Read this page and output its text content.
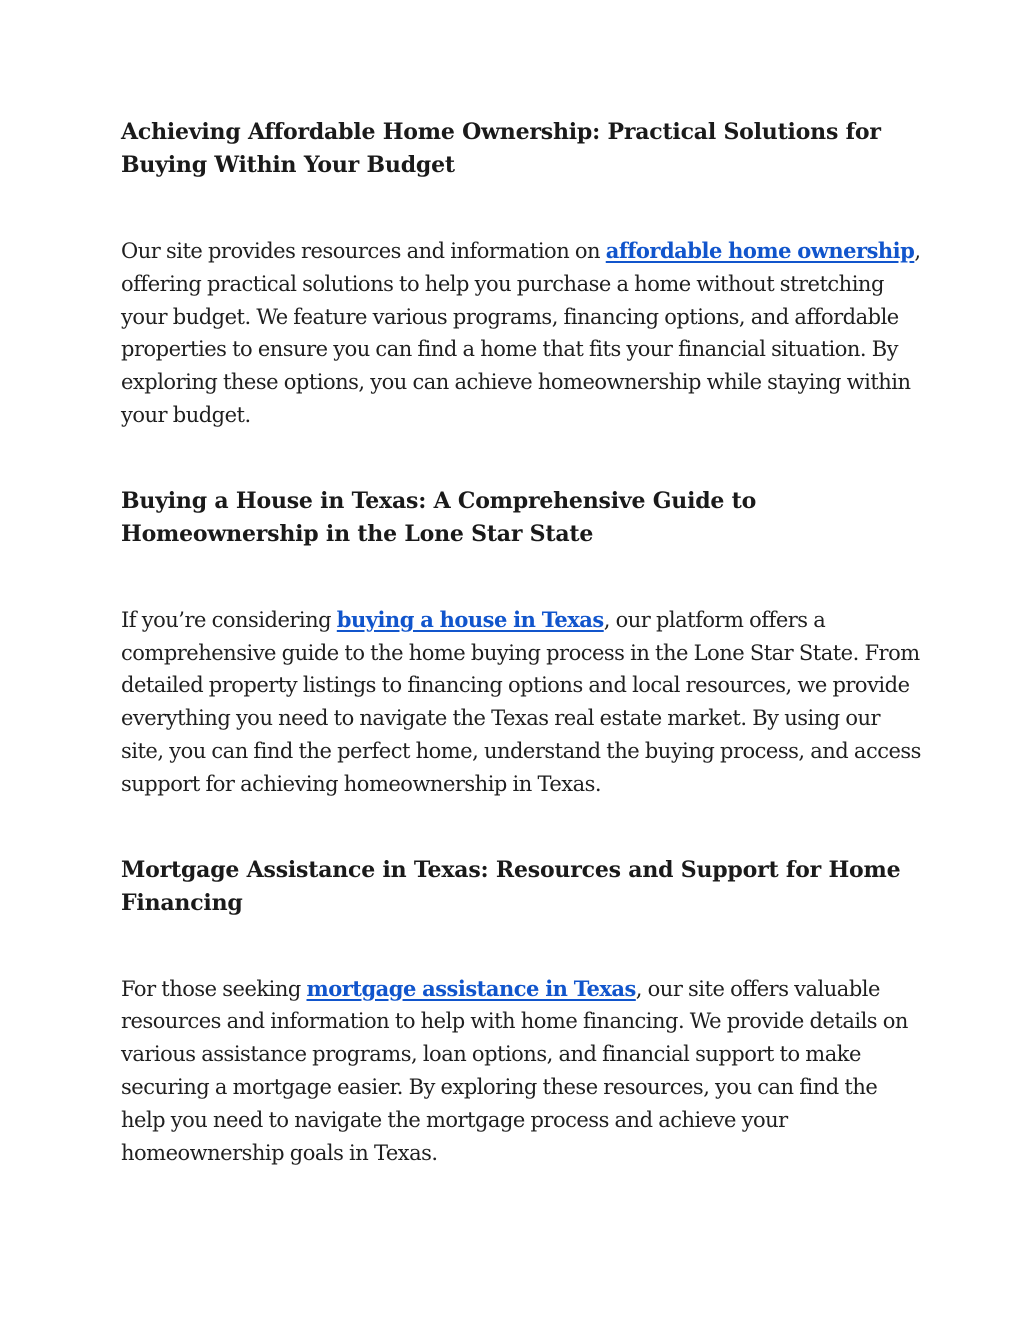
Achieving Affordable Home Ownership: Practical Solutions for Buying Within Your Budget

Our site provides resources and information on affordable home ownership, offering practical solutions to help you purchase a home without stretching your budget. We feature various programs, financing options, and affordable properties to ensure you can find a home that fits your financial situation. By exploring these options, you can achieve homeownership while staying within your budget.

Buying a House in Texas: A Comprehensive Guide to Homeownership in the Lone Star State

If you’re considering buying a house in Texas, our platform offers a comprehensive guide to the home buying process in the Lone Star State. From detailed property listings to financing options and local resources, we provide everything you need to navigate the Texas real estate market. By using our site, you can find the perfect home, understand the buying process, and access support for achieving homeownership in Texas.

Mortgage Assistance in Texas: Resources and Support for Home Financing

For those seeking mortgage assistance in Texas, our site offers valuable resources and information to help with home financing. We provide details on various assistance programs, loan options, and financial support to make securing a mortgage easier. By exploring these resources, you can find the help you need to navigate the mortgage process and achieve your homeownership goals in Texas.
